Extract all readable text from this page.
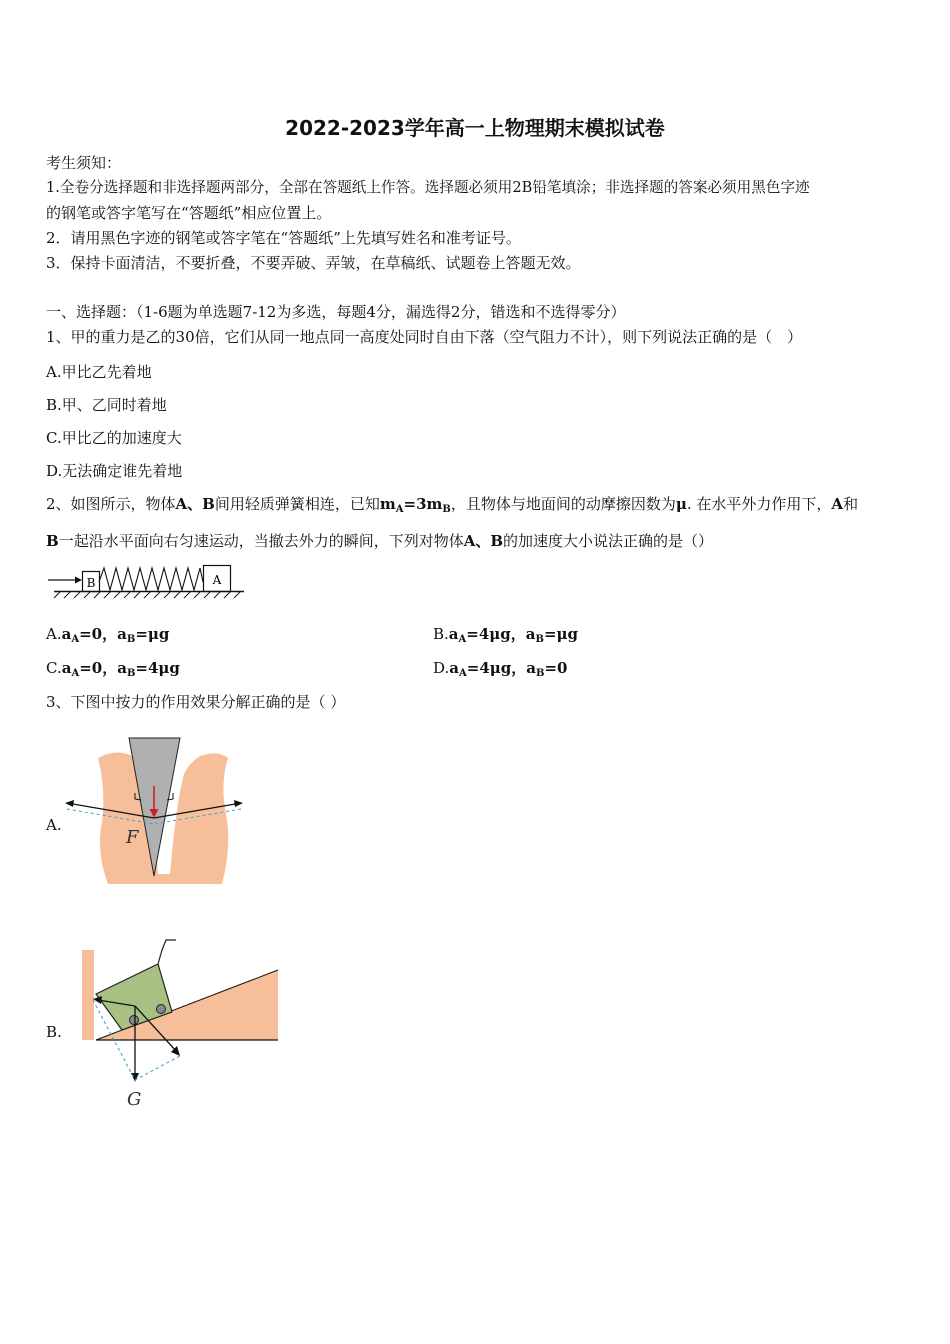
2022-2023学年高一上物理期末模拟试卷
考生须知：
1.全卷分选择题和非选择题两部分，全部在答题纸上作答。选择题必须用2B铅笔填涂；非选择题的答案必须用黑色字迹
的钢笔或答字笔写在“答题纸”相应位置上。
2．请用黑色字迹的钢笔或答字笔在“答题纸”上先填写姓名和准考证号。
3．保持卡面清洁，不要折叠，不要弄破、弄皱，在草稿纸、试题卷上答题无效。
一、选择题：（1-6题为单选题7-12为多选，每题4分，漏选得2分，错选和不选得零分）
1、甲的重力是乙的30倍，它们从同一地点同一高度处同时自由下落（空气阻力不计），则下列说法正确的是（　）
A.甲比乙先着地
B.甲、乙同时着地
C.甲比乙的加速度大
D.无法确定谁先着地
2、如图所示，物体A、B间用轻质弹簧相连，已知$m_A=3m_B$，且物体与地面间的动摩擦因数为μ. 在水平外力作用下，A和
B一起沿水平面向右匀速运动，当撤去外力的瞬间，下列对物体A、B的加速度大小说法正确的是（）
B	A
$A.a_A=0$，$a_B=\mu g$	$B.a_A=4\mu g$，$a_B=\mu g$
$C.a_A=0$，$a_B=4\mu g$	$D.a_A=4\mu g$，$a_B=0$
3、下图中按力的作用效果分解正确的是（ ）
A.
F
B.
G
